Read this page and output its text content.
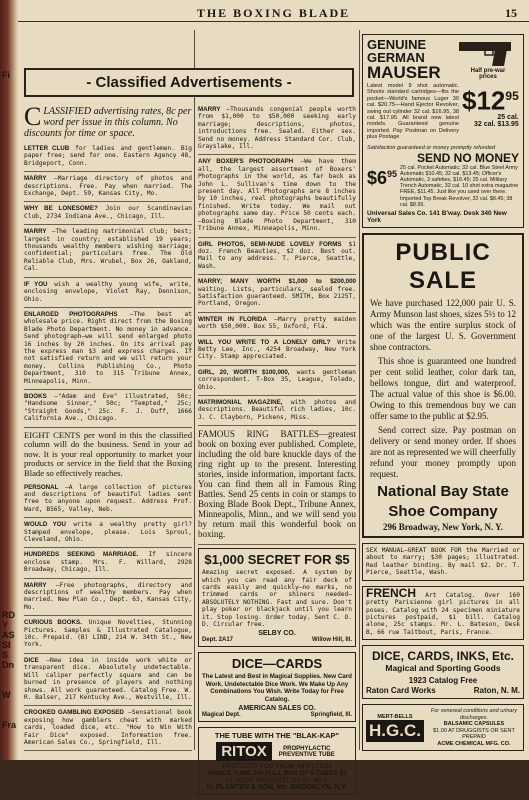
Fi
RDY
ASSIS
Dn
W
Fra
THE BOXING BLADE	15
CLASSIFIED advertising rates, 8c per word per issue in this column. No discounts for time or space.
LETTER CLUB for ladies and gentlemen. Big paper free; send for one. Eastern Agency 48, Bridgeport, Conn.
MARRY —Marriage directory of photos and descriptions. Free. Pay when married. The Exchange, Dept. 59, Kansas City, Mo.
WHY BE LONESOME? Join our Scandinavian Club, 2734 Indiana Ave., Chicago, Ill.
MARRY —The leading matrimonial club; best; largest in country; established 19 years; thousands wealthy members wishing marriage; confidential; particulars free. The Old Reliable Club, Mrs. Wrubel, Box 26, Oakland, Cal.
IF YOU wish a wealthy young wife, write, enclosing envelope, Violet Ray, Dennison, Ohio.
ENLARGED PHOTOGRAPHS —The best at wholesale price. Right direct from the Boxing Blade Photo Department. No money in advance. Send photograph—we will send enlarged photo 16 inches by 20 inches. On its arrival pay the express man $3 and express charges. If not satisfied return and we will return your money. Collins Publishing Co., Photo Department, 310 to 315 Tribune Annex, Minneapolis, Minn.
BOOKS —"Adam and Eve" illustrated, 50c; "Handsome Sinner," 50c; "Tempted," 25c; "Straight Goods," 25c. F. J. Duff, 1666 California Ave., Chicago.
EIGHT CENTS per word in this the classified column will do the business. Send in your ad now. It is your real opportunity to market your products or service in the field that the Boxing Blade so effectively reaches.
PERSONAL —A large collection of pictures and descriptions of beautiful ladies sent free to anyone upon request. Address Prof. Ward, B565, Valley, Neb.
WOULD YOU write a wealthy pretty girl? Stamped envelope, please. Lois Sproul, Cleveland, Ohio.
HUNDREDS SEEKING MARRIAGE. If sincere enclose stamp. Mrs. F. Willard, 2928 Broadway, Chicago, Ill.
MARRY —Free photographs, directory and descriptions of wealthy members. Pay when married. New Plan Co., Dept. 63, Kansas City, Mo.
CURIOUS BOOKS. Unique Novelties, Stunning Pictures. Samples & Illustrated Catalogue, 10c. Prepaid. (B) LIND, 214 W. 34th St., New York.
DICE —New idea in inside work white or transparent dice. Absolutely undetectable. Will caliper perfectly square and can be burned in presence of players and nothing shows. All work guaranteed. Catalog Free. W. R. Balser, 217 Kentucky Ave., Westville, Ill.
CROOKED GAMBLING EXPOSED —Sensational book exposing how gamblers cheat with marked cards, loaded dice, etc. "How to Win With Fair Dice" exposed. Information free. American Sales Co., Springfield, Ill.
- Classified Advertisements -
MARRY —Thousands congenial people worth from $1,000 to $50,000 seeking early marriage; descriptions, photos, introductions free. Sealed. Either sex. Send no money. Address Standard Cor. Club, Grayslake, Ill.
ANY BOXER'S PHOTOGRAPH —We have them all, the largest assortment of Boxers' Photographs in the world, as far back as John L. Sullivan's time down to the present day. All Photographs are 8 inches by 10 inches, real photographs beautifully finished. Write today. We mail out photographs same day. Price 50 cents each.—Boxing Blade Photo Department, 310 Tribune Annex, Minneapolis, Minn.
GIRL PHOTOS, SEMI-NUDE LOVELY FORMS $1 doz. French Beauties, $2 doz. Best out. Mail to any address. T. Pierce, Seattle, Wash.
MARRY; MANY WORTH $1,000 to $200,000 waiting. Lists, particulars, sealed free. Satisfaction guaranteed. SMITH, Box 2125T, Portland, Oregon.
WINTER IN FLORIDA —Marry pretty maiden worth $50,000. Box 55, Oxford, Fla.
WILL YOU WRITE TO A LONELY GIRL? Write Betty Lee, Inc., 4254 Broadway, New York City. Stamp appreciated.
GIRL, 20, WORTH $100,000, wants gentleman correspondent. T-Box 35, League, Toledo, Ohio.
MATRIMONIAL MAGAZINE, with photos and descriptions. Beautiful rich ladies, 10c. J. C. Clayborn, Pickens, Miss.
FAMOUS RING BATTLES—greatest book on boxing ever published. Complete, including the old bare knuckle days of the ring right up to the present. Interesting stories, inside information, important facts. You can find them all in Famous Ring Battles. Send 25 cents in coin or stamps to Boxing Blade Book Dept., Tribune Annex, Minneapolis, Minn., and we will send you by return mail this wonderful book on boxing.
$1,000 SECRET FOR $5
Amazing secret exposed. A system by which you can read any fair deck of cards easily and quickly—no marks, no trimmed cards or shiners needed—ABSOLUTELY NOTHING. Fast and sure. Don't play poker or blackjack until you learn it. Stop losing. Order today. Sent C. O. D. Circular free.
SELBY CO.
Dept. 2A17	Willow Hill, Ill.
DICE—CARDS
The Latest and Best in Magical Supplies. New Card Work. Undetectable Dice Work. We Make Up Any Combinations You Wish. Write Today for Free Catalog.
AMERICAN SALES CO.
Magical Dept.	Springfield, Ill.
THE TUBE WITH THE "BLAK-KAP"
RITOX	PROPHYLACTIC PREVENTIVE TUBE
PROTECTS YOU FROM INFECTION
SINGLE TUBE 25¢ FULL BOX OF 5 TUBES $1
AT YOUR DRUGGIST OR BY MAIL
H. PLANTEN & SON, Inc. BROOKLYN, N.Y.
GENUINE
GERMAN
MAUSER	Half pre-war prices
Latest model 9 shot automatic. Shoots standard cartridges—fits the pocket—World's famous Luger 30 cal. $20.75—Hand Ejector Revolver, swing out cylinder 32 cal. $16.95, 38 cal. $17.95. All brand new latest models. Guaranteed genuine imported. Pay Postman on Delivery plus Postage
$\$12^{95}$
25 cal.
32 cal. $13.95
Satisfaction guaranteed or money promptly refunded
SEND NO MONEY
$\$6^{95}$
25 cal. Pocket Automatic; 32 cal. Blue Steel Army Automatic $10.45; 32 cal. $13.45; Officer's Automatic, 3 safeties, $16.45; 25 cal. Military Trench Automatic, 32 cal. 10 shot extra magazine FREE, $11.45. Just like you used over there. Imported Top Break Revolver, 32 cal. $8.45; 38 cal. $8.95.
Universal Sales Co. 141 B'way. Desk 340 New York
PUBLIC SALE
We have purchased 122,000 pair U. S. Army Munson last shoes, sizes 5½ to 12 which was the entire surplus stock of one of the largest U. S. Government shoe contractors.
This shoe is guaranteed one hundred per cent solid leather, color dark tan, bellows tongue, dirt and waterproof. The actual value of this shoe is $6.00. Owing to this tremendous buy we can offer same to the public at $2.95.
Send correct size. Pay postman on delivery or send money order. If shoes are not as represented we will cheerfully refund your money promptly upon request.
National Bay State
Shoe Company
296 Broadway, New York, N. Y.
SEX MANUAL—GREAT BOOK FOR the Married or about to marry; $30 pages; illustrated. Red leather binding. By mail $2. Dr. T. Pierce, Seattle, Wash.
FRENCH Art Catalog. Over 160 pretty Parisienne girl pictures in all poses. Catalog with 24 specimen miniature pictures postpaid, $1 bill. Catalog alone, 25c stamps. Mr. L. Bateson, Desk B, 66 rue Taitbout, Paris, France.
DICE, CARDS, INKS, Etc.
Magical and Sporting Goods
1923 Catalog Free
Raton Card Works	Raton, N. M.
MERT-BELLS
H.G.C.
For venereal conditions and urinary discharges.
BALSAMIC CAPSULES
$1.00 AT DRUGGISTS OR SENT PREPAID
ACME CHEMICAL MFG. CO.
